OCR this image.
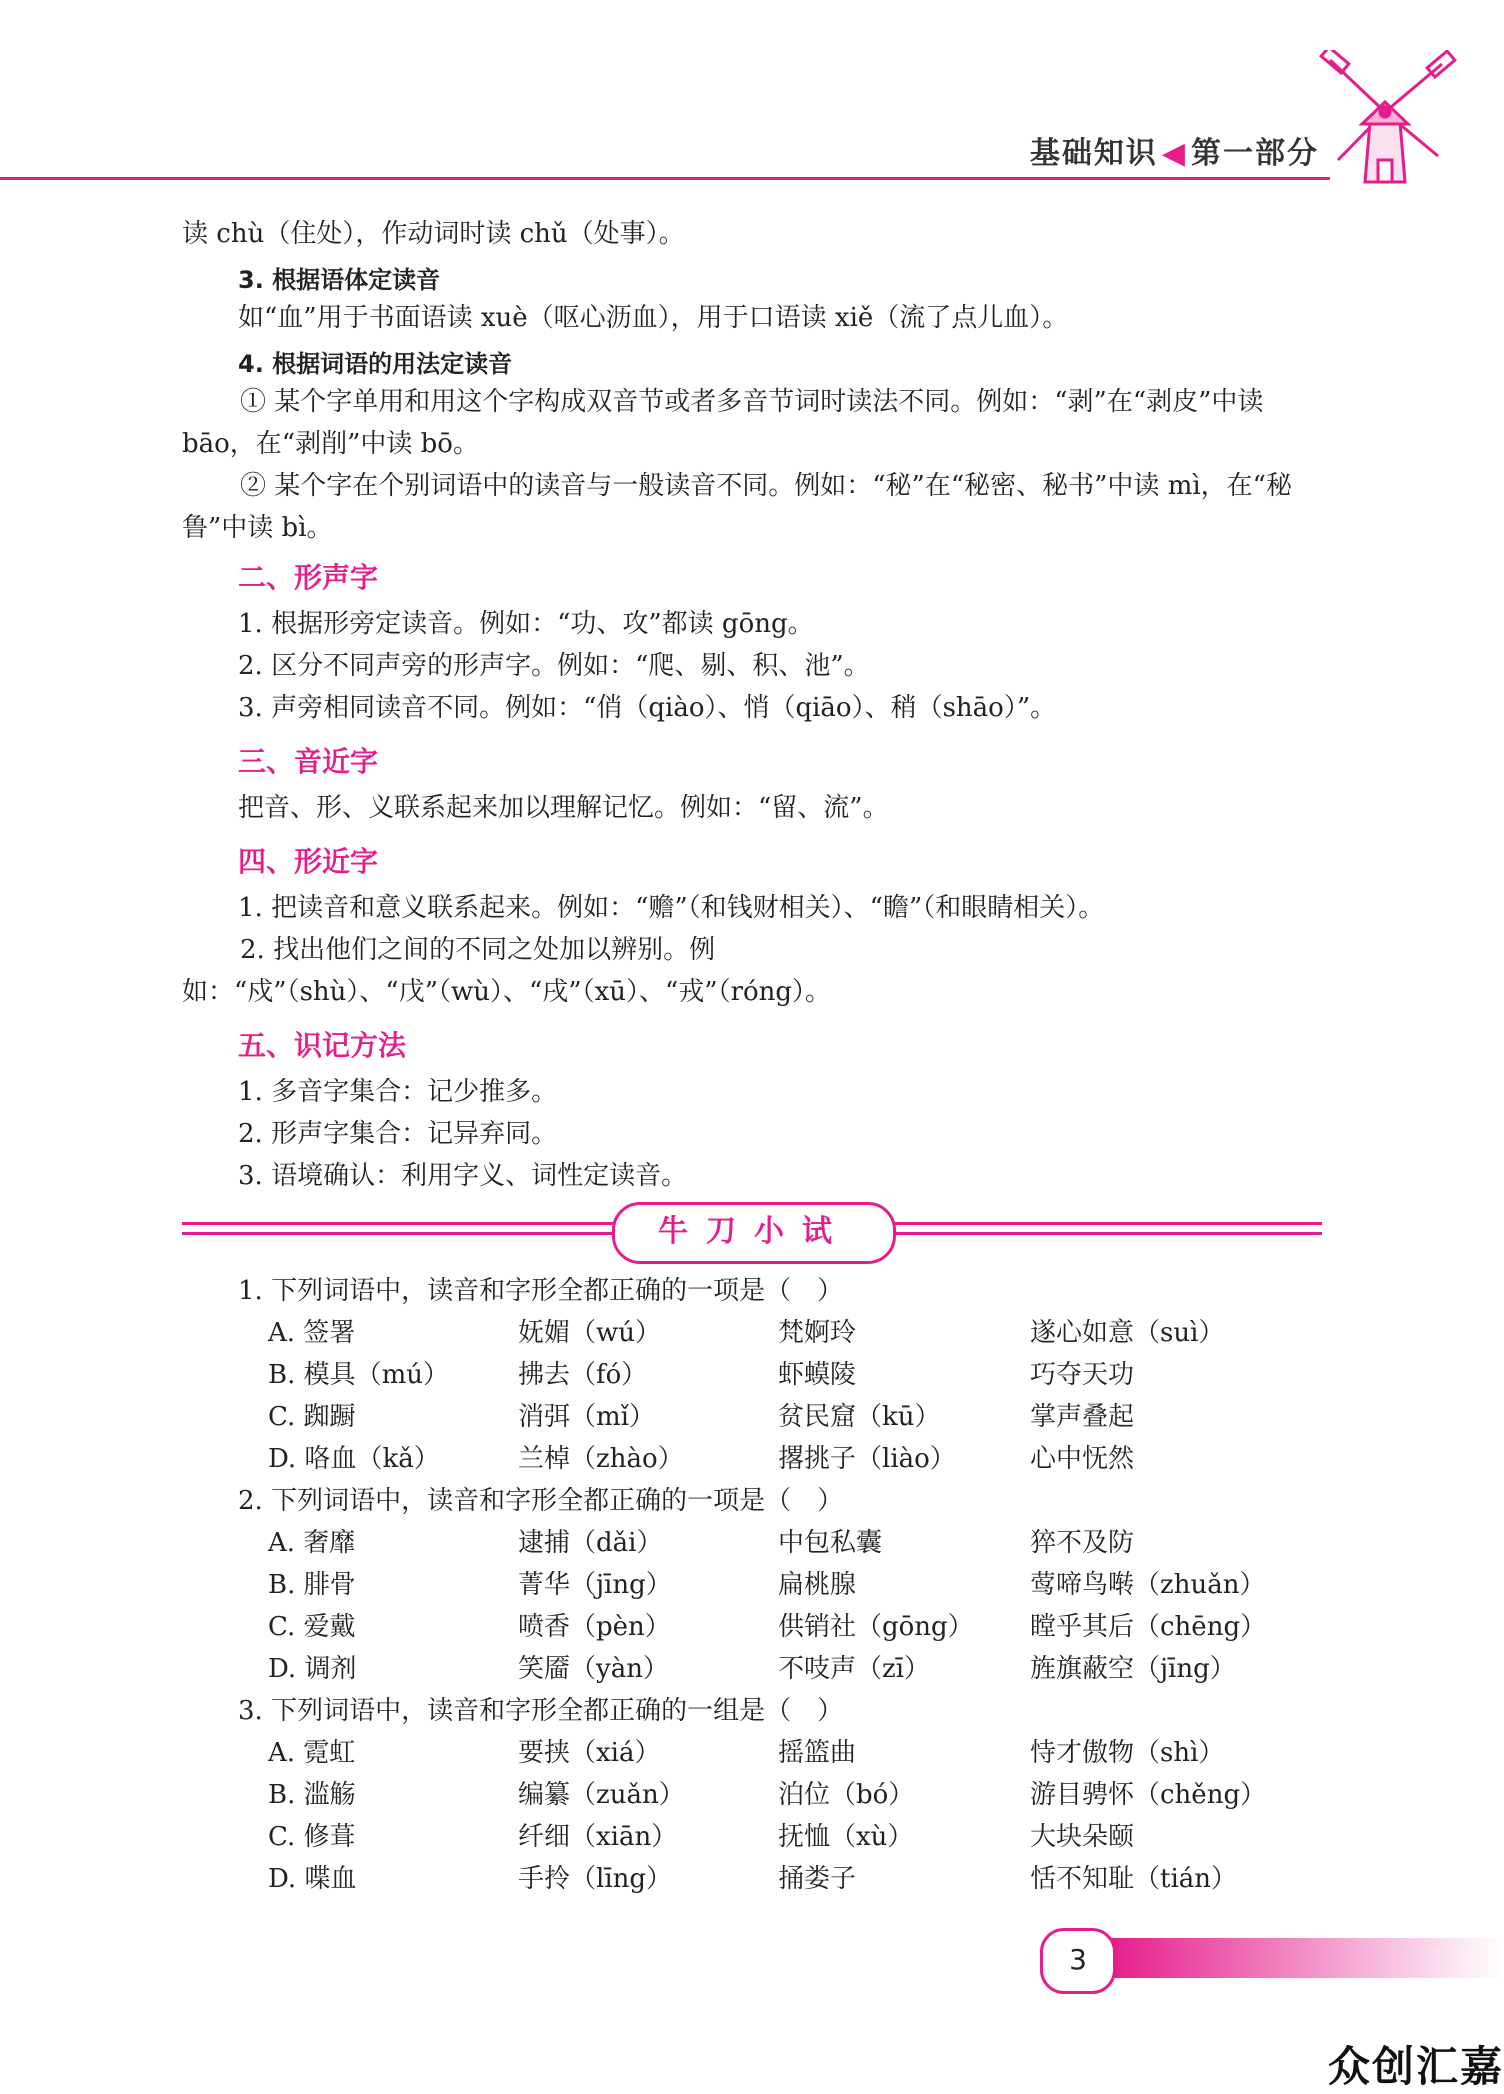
基础知识 ◀ 第一部分
读 chù（住处），作动词时读 chǔ（处事）。
3. 根据语体定读音
如“血”用于书面语读 xuè（呕心沥血），用于口语读 xiě（流了点儿血）。
4. 根据词语的用法定读音
① 某个字单用和用这个字构成双音节或者多音节词时读法不同。例如：“剥”在“剥皮”中读 bāo，在“剥削”中读 bō。
② 某个字在个别词语中的读音与一般读音不同。例如：“秘”在“秘密、秘书”中读 mì，在“秘鲁”中读 bì。
二、形声字
1. 根据形旁定读音。例如：“功、攻”都读 gōng。
2. 区分不同声旁的形声字。例如：“爬、剔、积、池”。
3. 声旁相同读音不同。例如：“俏（qiào）、悄（qiāo）、稍（shāo）”。
三、音近字
把音、形、义联系起来加以理解记忆。例如：“留、流”。
四、形近字
1. 把读音和意义联系起来。例如：“赡”（和钱财相关）、“瞻”（和眼睛相关）。
2. 找出他们之间的不同之处加以辨别。例如：“戍”（shù）、“戊”（wù）、“戌”（xū）、“戎”（róng）。
五、识记方法
1. 多音字集合：记少推多。
2. 形声字集合：记异弃同。
3. 语境确认：利用字义、词性定读音。
牛刀小试
1. 下列词语中，读音和字形全都正确的一项是（　）
A. 签署	妩媚（wú）	梵婀玲	遂心如意（suì）
B. 模具（mú）	拂去（fó）	虾蟆陵	巧夺天功
C. 踟蹰	消弭（mǐ）	贫民窟（kū）	掌声叠起
D. 咯血（kǎ）	兰棹（zhào）	撂挑子（liào）	心中怃然
2. 下列词语中，读音和字形全都正确的一项是（　）
A. 奢靡	逮捕（dǎi）	中包私囊	猝不及防
B. 腓骨	菁华（jīng）	扁桃腺	莺啼鸟啭（zhuǎn）
C. 爱戴	喷香（pèn）	供销社（gōng） 瞠乎其后（chēng）
D. 调剂	笑靥（yàn）	不吱声（zī）	旌旗蔽空（jīng）
3. 下列词语中，读音和字形全都正确的一组是（　）
A. 霓虹	要挟（xiá）	摇篮曲	恃才傲物（shì）
B. 滥觞	编纂（zuǎn）	泊位（bó）	游目骋怀（chěng）
C. 修葺	纤细（xiān）	抚恤（xù）	大块朵颐
D. 喋血	手拎（līng）	捅娄子	恬不知耻（tián）
3
众创汇嘉
